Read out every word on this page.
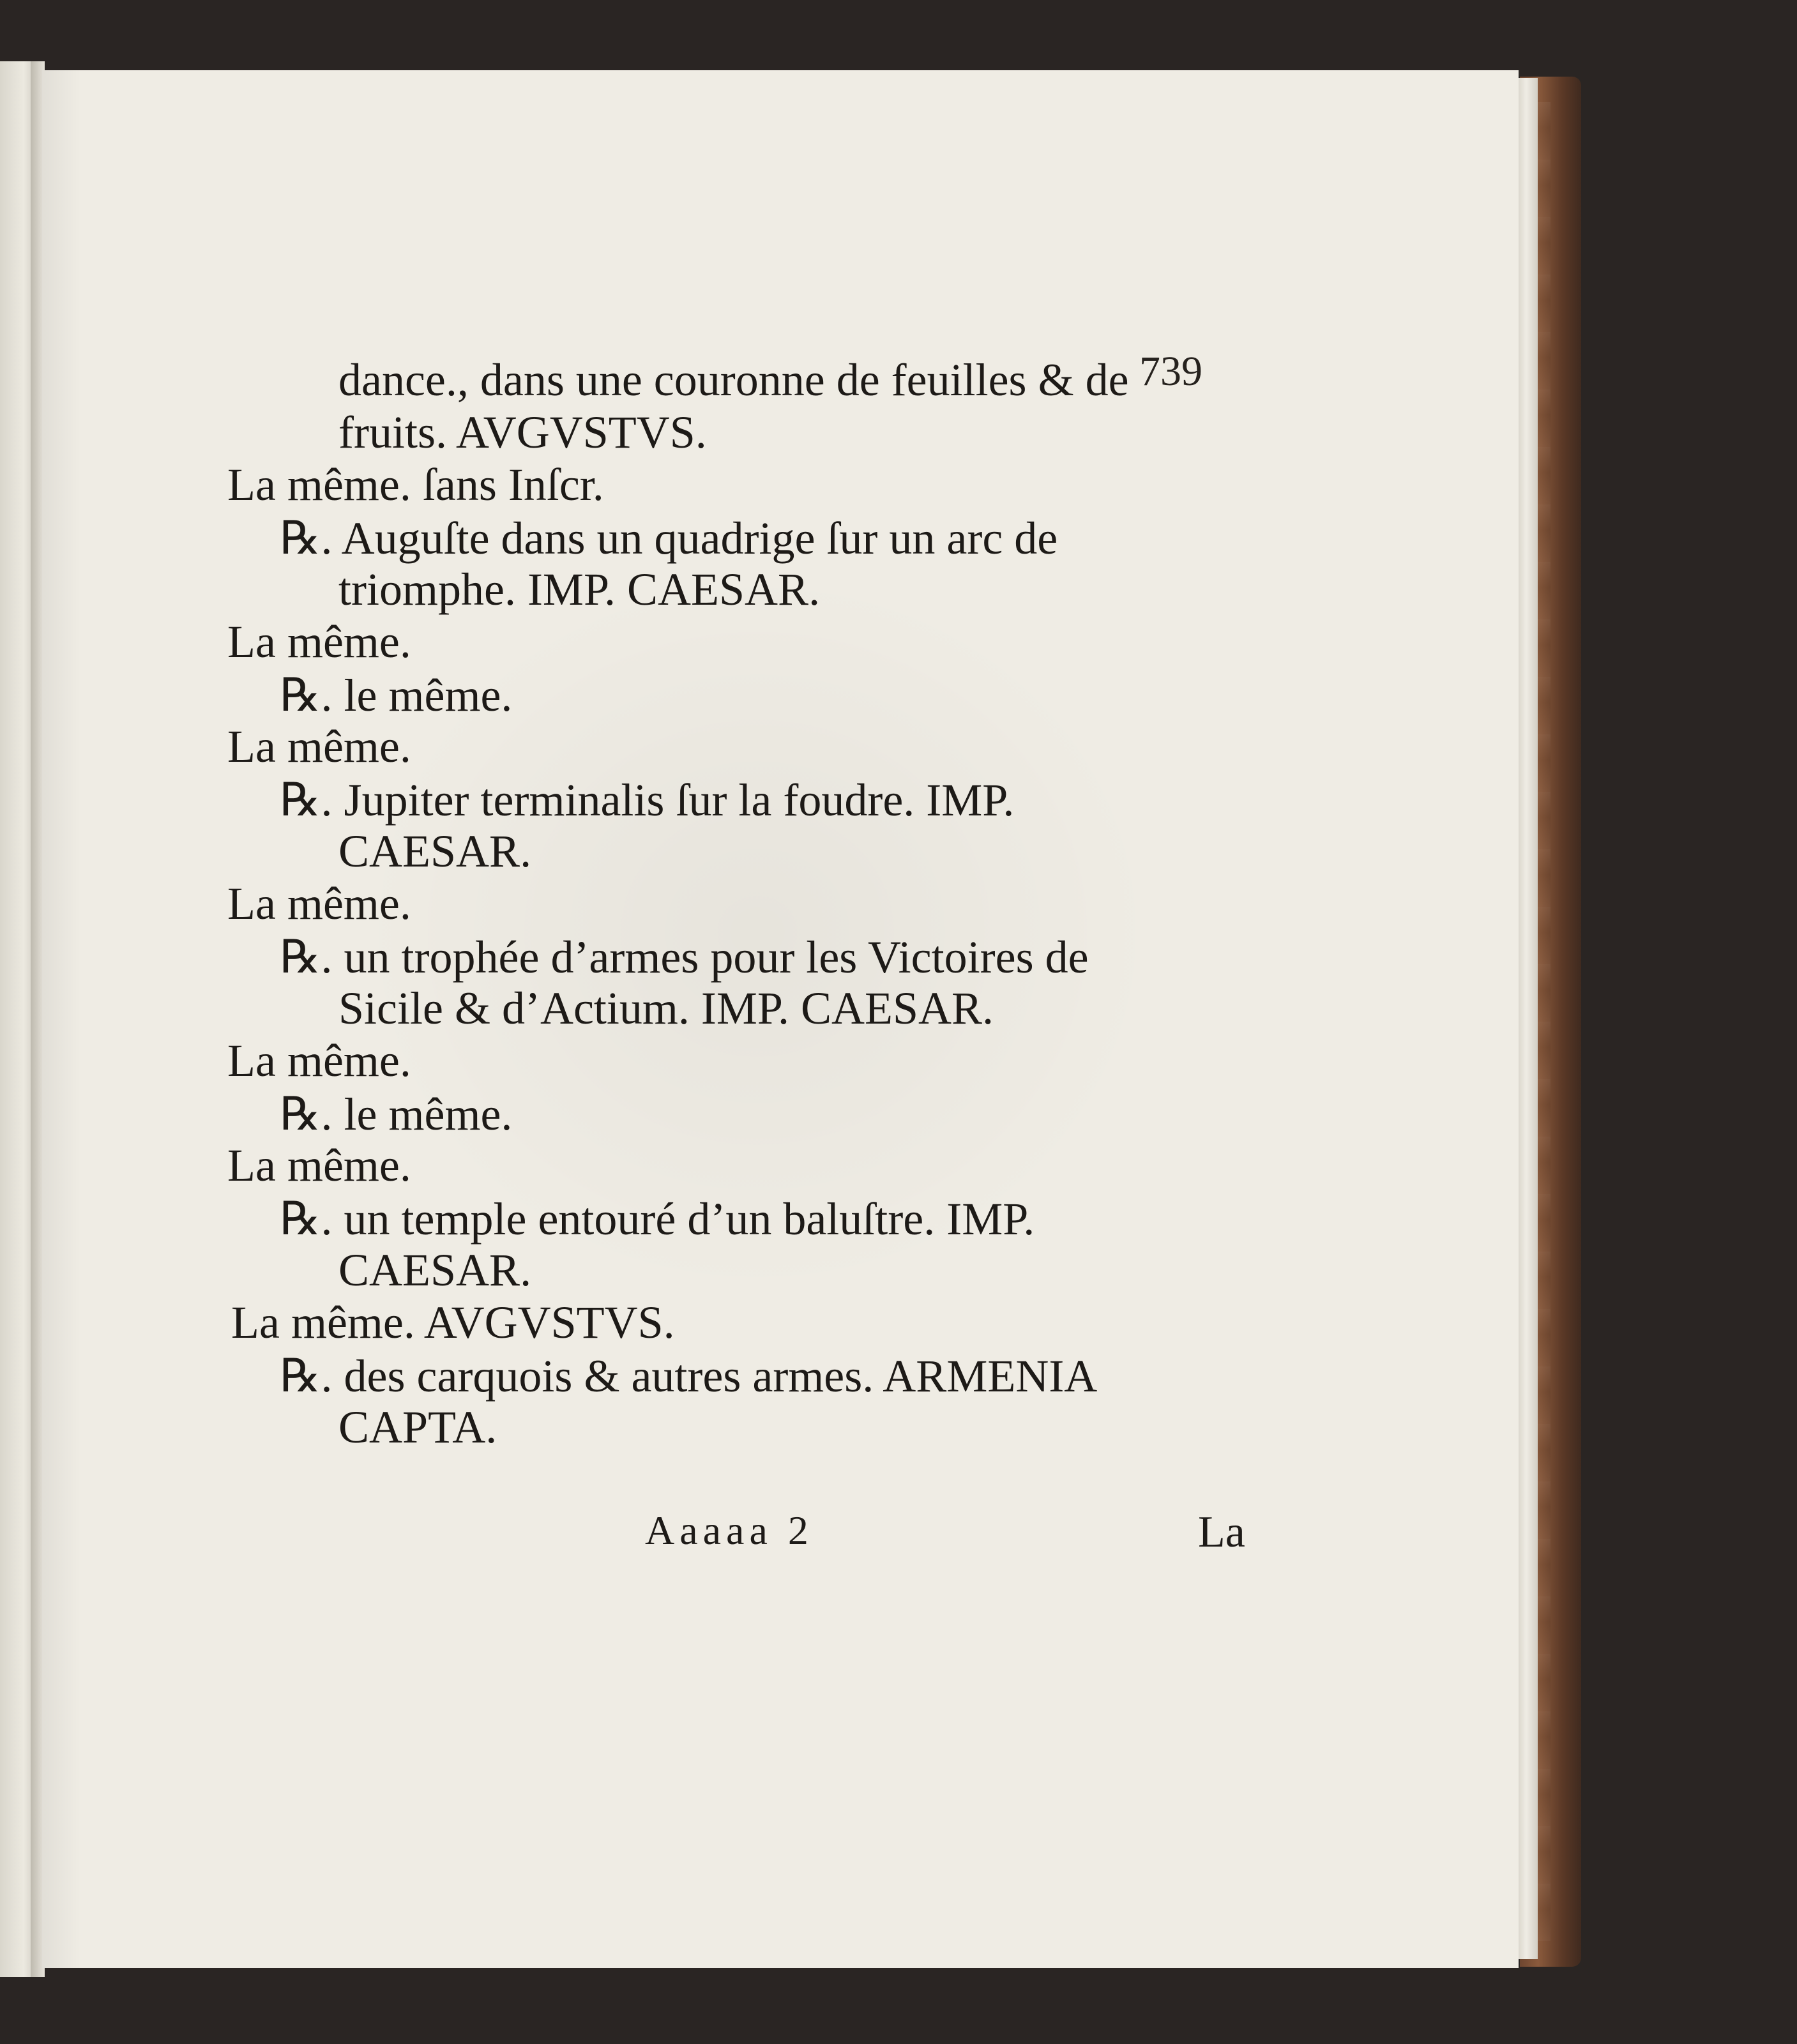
739
dance., dans une couronne de feuilles & de
fruits. AVGVSTVS.
La même. ſans Inſcr.
℞. Auguſte dans un quadrige ſur un arc de
triomphe. IMP. CAESAR.
La même.
℞. le même.
La même.
℞. Jupiter terminalis ſur la foudre. IMP.
CAESAR.
La même.
℞. un trophée d’armes pour les Victoires de
Sicile & d’Actium. IMP. CAESAR.
La même.
℞. le même.
La même.
℞. un temple entouré d’un baluſtre. IMP.
CAESAR.
La même. AVGVSTVS.
℞. des carquois & autres armes. ARMENIA
CAPTA.
Aaaaa 2	La
